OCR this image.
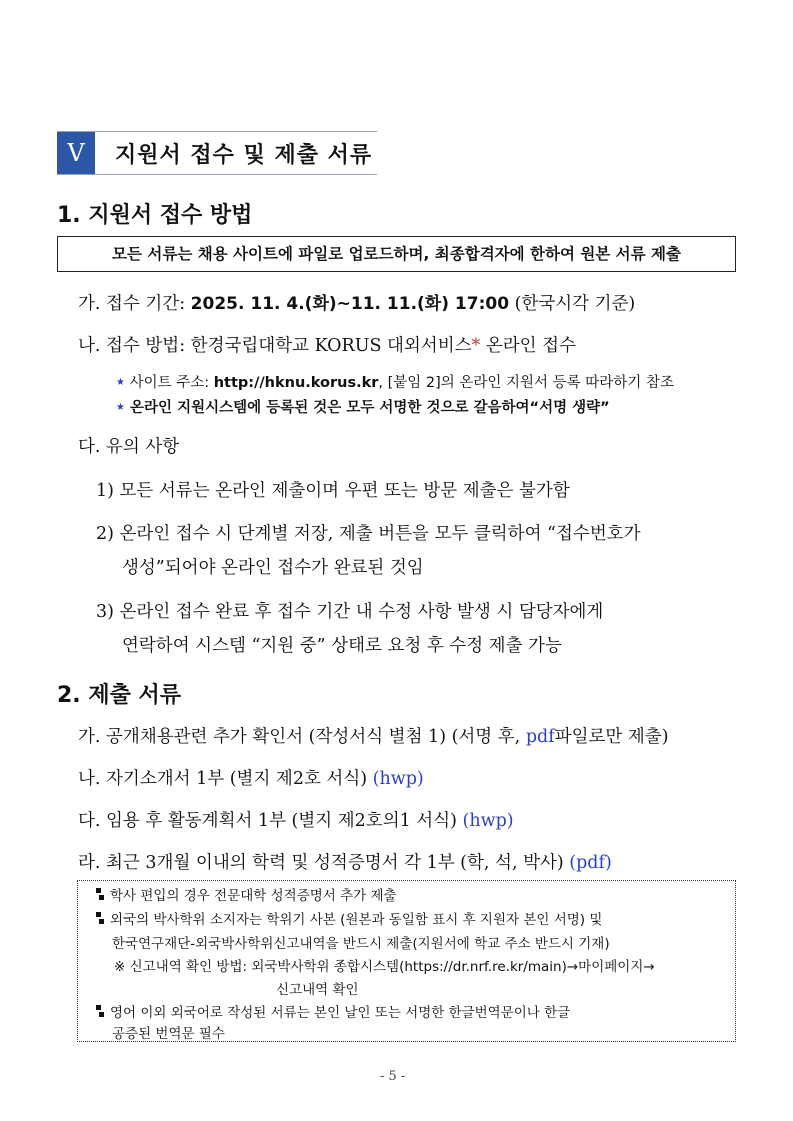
V	지원서 접수 및 제출 서류
1. 지원서 접수 방법
모든 서류는 채용 사이트에 파일로 업로드하며, 최종합격자에 한하여 원본 서류 제출
가. 접수 기간: 2025. 11. 4.(화)~11. 11.(화) 17:00 (한국시각 기준)
나. 접수 방법: 한경국립대학교 KORUS 대외서비스* 온라인 접수
★ 사이트 주소: http://hknu.korus.kr, [붙임 2]의 온라인 지원서 등록 따라하기 참조
★ 온라인 지원시스템에 등록된 것은 모두 서명한 것으로 갈음하여“서명 생략”
다. 유의 사항
1) 모든 서류는 온라인 제출이며 우편 또는 방문 제출은 불가함
2) 온라인 접수 시 단계별 저장, 제출 버튼을 모두 클릭하여 “접수번호가
생성”되어야 온라인 접수가 완료된 것임
3) 온라인 접수 완료 후 접수 기간 내 수정 사항 발생 시 담당자에게
연락하여 시스템 “지원 중” 상태로 요청 후 수정 제출 가능
2. 제출 서류
가. 공개채용관련 추가 확인서 (작성서식 별첨 1) (서명 후, pdf파일로만 제출)
나. 자기소개서 1부 (별지 제2호 서식) (hwp)
다. 임용 후 활동계획서 1부 (별지 제2호의1 서식) (hwp)
라. 최근 3개월 이내의 학력 및 성적증명서 각 1부 (학, 석, 박사) (pdf)
학사 편입의 경우 전문대학 성적증명서 추가 제출
외국의 박사학위 소지자는 학위기 사본 (원본과 동일함 표시 후 지원자 본인 서명) 및
한국연구재단-외국박사학위신고내역을 반드시 제출(지원서에 학교 주소 반드시 기재)
※ 신고내역 확인 방법: 외국박사학위 종합시스템(https://dr.nrf.re.kr/main)→마이페이지→
신고내역 확인
영어 이외 외국어로 작성된 서류는 본인 날인 또는 서명한 한글번역문이나 한글
공증된 번역문 필수
- 5 -
